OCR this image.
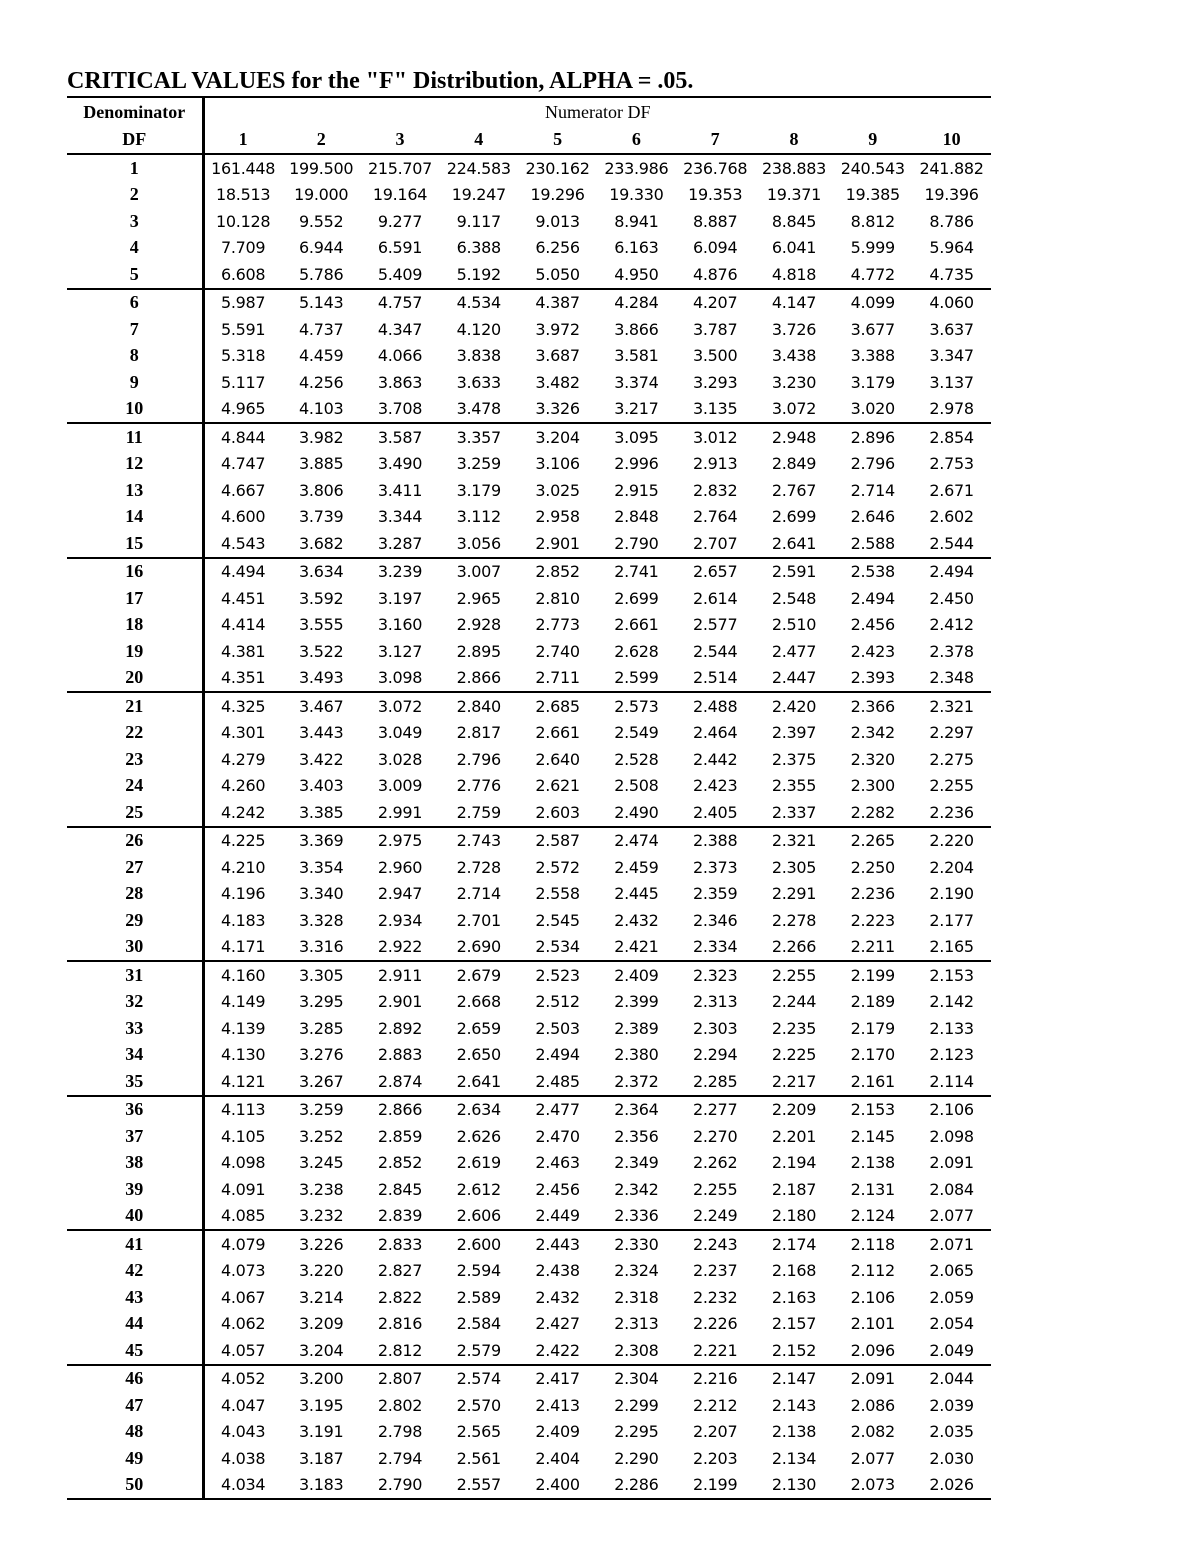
CRITICAL VALUES for the "F" Distribution, ALPHA = .05.
Denominator	Numerator DF									
DF	1	2	3	4	5	6	7	8	9	10
1	161.448	199.500	215.707	224.583	230.162	233.986	236.768	238.883	240.543	241.882
2	18.513	19.000	19.164	19.247	19.296	19.330	19.353	19.371	19.385	19.396
3	10.128	9.552	9.277	9.117	9.013	8.941	8.887	8.845	8.812	8.786
4	7.709	6.944	6.591	6.388	6.256	6.163	6.094	6.041	5.999	5.964
5	6.608	5.786	5.409	5.192	5.050	4.950	4.876	4.818	4.772	4.735
6	5.987	5.143	4.757	4.534	4.387	4.284	4.207	4.147	4.099	4.060
7	5.591	4.737	4.347	4.120	3.972	3.866	3.787	3.726	3.677	3.637
8	5.318	4.459	4.066	3.838	3.687	3.581	3.500	3.438	3.388	3.347
9	5.117	4.256	3.863	3.633	3.482	3.374	3.293	3.230	3.179	3.137
10	4.965	4.103	3.708	3.478	3.326	3.217	3.135	3.072	3.020	2.978
11	4.844	3.982	3.587	3.357	3.204	3.095	3.012	2.948	2.896	2.854
12	4.747	3.885	3.490	3.259	3.106	2.996	2.913	2.849	2.796	2.753
13	4.667	3.806	3.411	3.179	3.025	2.915	2.832	2.767	2.714	2.671
14	4.600	3.739	3.344	3.112	2.958	2.848	2.764	2.699	2.646	2.602
15	4.543	3.682	3.287	3.056	2.901	2.790	2.707	2.641	2.588	2.544
16	4.494	3.634	3.239	3.007	2.852	2.741	2.657	2.591	2.538	2.494
17	4.451	3.592	3.197	2.965	2.810	2.699	2.614	2.548	2.494	2.450
18	4.414	3.555	3.160	2.928	2.773	2.661	2.577	2.510	2.456	2.412
19	4.381	3.522	3.127	2.895	2.740	2.628	2.544	2.477	2.423	2.378
20	4.351	3.493	3.098	2.866	2.711	2.599	2.514	2.447	2.393	2.348
21	4.325	3.467	3.072	2.840	2.685	2.573	2.488	2.420	2.366	2.321
22	4.301	3.443	3.049	2.817	2.661	2.549	2.464	2.397	2.342	2.297
23	4.279	3.422	3.028	2.796	2.640	2.528	2.442	2.375	2.320	2.275
24	4.260	3.403	3.009	2.776	2.621	2.508	2.423	2.355	2.300	2.255
25	4.242	3.385	2.991	2.759	2.603	2.490	2.405	2.337	2.282	2.236
26	4.225	3.369	2.975	2.743	2.587	2.474	2.388	2.321	2.265	2.220
27	4.210	3.354	2.960	2.728	2.572	2.459	2.373	2.305	2.250	2.204
28	4.196	3.340	2.947	2.714	2.558	2.445	2.359	2.291	2.236	2.190
29	4.183	3.328	2.934	2.701	2.545	2.432	2.346	2.278	2.223	2.177
30	4.171	3.316	2.922	2.690	2.534	2.421	2.334	2.266	2.211	2.165
31	4.160	3.305	2.911	2.679	2.523	2.409	2.323	2.255	2.199	2.153
32	4.149	3.295	2.901	2.668	2.512	2.399	2.313	2.244	2.189	2.142
33	4.139	3.285	2.892	2.659	2.503	2.389	2.303	2.235	2.179	2.133
34	4.130	3.276	2.883	2.650	2.494	2.380	2.294	2.225	2.170	2.123
35	4.121	3.267	2.874	2.641	2.485	2.372	2.285	2.217	2.161	2.114
36	4.113	3.259	2.866	2.634	2.477	2.364	2.277	2.209	2.153	2.106
37	4.105	3.252	2.859	2.626	2.470	2.356	2.270	2.201	2.145	2.098
38	4.098	3.245	2.852	2.619	2.463	2.349	2.262	2.194	2.138	2.091
39	4.091	3.238	2.845	2.612	2.456	2.342	2.255	2.187	2.131	2.084
40	4.085	3.232	2.839	2.606	2.449	2.336	2.249	2.180	2.124	2.077
41	4.079	3.226	2.833	2.600	2.443	2.330	2.243	2.174	2.118	2.071
42	4.073	3.220	2.827	2.594	2.438	2.324	2.237	2.168	2.112	2.065
43	4.067	3.214	2.822	2.589	2.432	2.318	2.232	2.163	2.106	2.059
44	4.062	3.209	2.816	2.584	2.427	2.313	2.226	2.157	2.101	2.054
45	4.057	3.204	2.812	2.579	2.422	2.308	2.221	2.152	2.096	2.049
46	4.052	3.200	2.807	2.574	2.417	2.304	2.216	2.147	2.091	2.044
47	4.047	3.195	2.802	2.570	2.413	2.299	2.212	2.143	2.086	2.039
48	4.043	3.191	2.798	2.565	2.409	2.295	2.207	2.138	2.082	2.035
49	4.038	3.187	2.794	2.561	2.404	2.290	2.203	2.134	2.077	2.030
50	4.034	3.183	2.790	2.557	2.400	2.286	2.199	2.130	2.073	2.026
